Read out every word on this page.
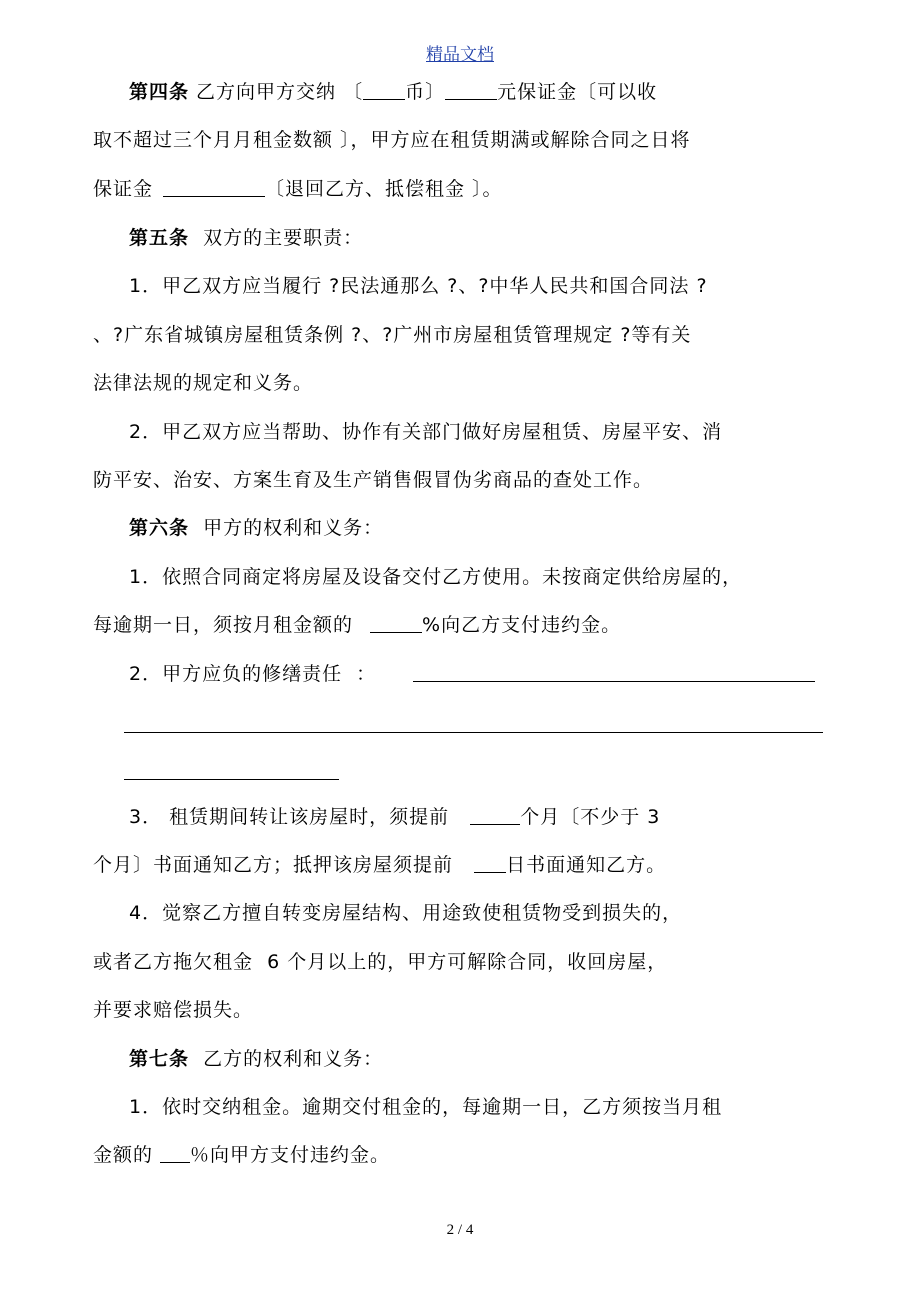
精品文档
第四条 乙方向甲方交纳 〔 币〕	元保证金〔可以收
取不超过三个月月租金数额 〕，甲方应在租赁期满或解除合同之日将
保证金	〔退回乙方、抵偿租金 〕。
第五条  双方的主要职责：
1．甲乙双方应当履行 ?民法通那么 ?、?中华人民共和国合同法 ?
、?广东省城镇房屋租赁条例 ?、?广州市房屋租赁管理规定 ?等有关
法律法规的规定和义务。
2．甲乙双方应当帮助、协作有关部门做好房屋租赁、房屋平安、消
防平安、治安、方案生育及生产销售假冒伪劣商品的查处工作。
第六条  甲方的权利和义务：
1．依照合同商定将房屋及设备交付乙方使用。未按商定供给房屋的，
每逾期一日，须按月租金额的	%向乙方支付违约金。
2．甲方应负的修缮责任  ：
3． 租赁期间转让该房屋时，须提前	个月〔不少于 3
个月〕书面通知乙方；抵押该房屋须提前   日书面通知乙方。
4．觉察乙方擅自转变房屋结构、用途致使租赁物受到损失的，
或者乙方拖欠租金  6 个月以上的，甲方可解除合同，收回房屋，
并要求赔偿损失。
第七条  乙方的权利和义务：
1．依时交纳租金。逾期交付租金的，每逾期一日，乙方须按当月租
金额的 ％向甲方支付违约金。
2 / 4
